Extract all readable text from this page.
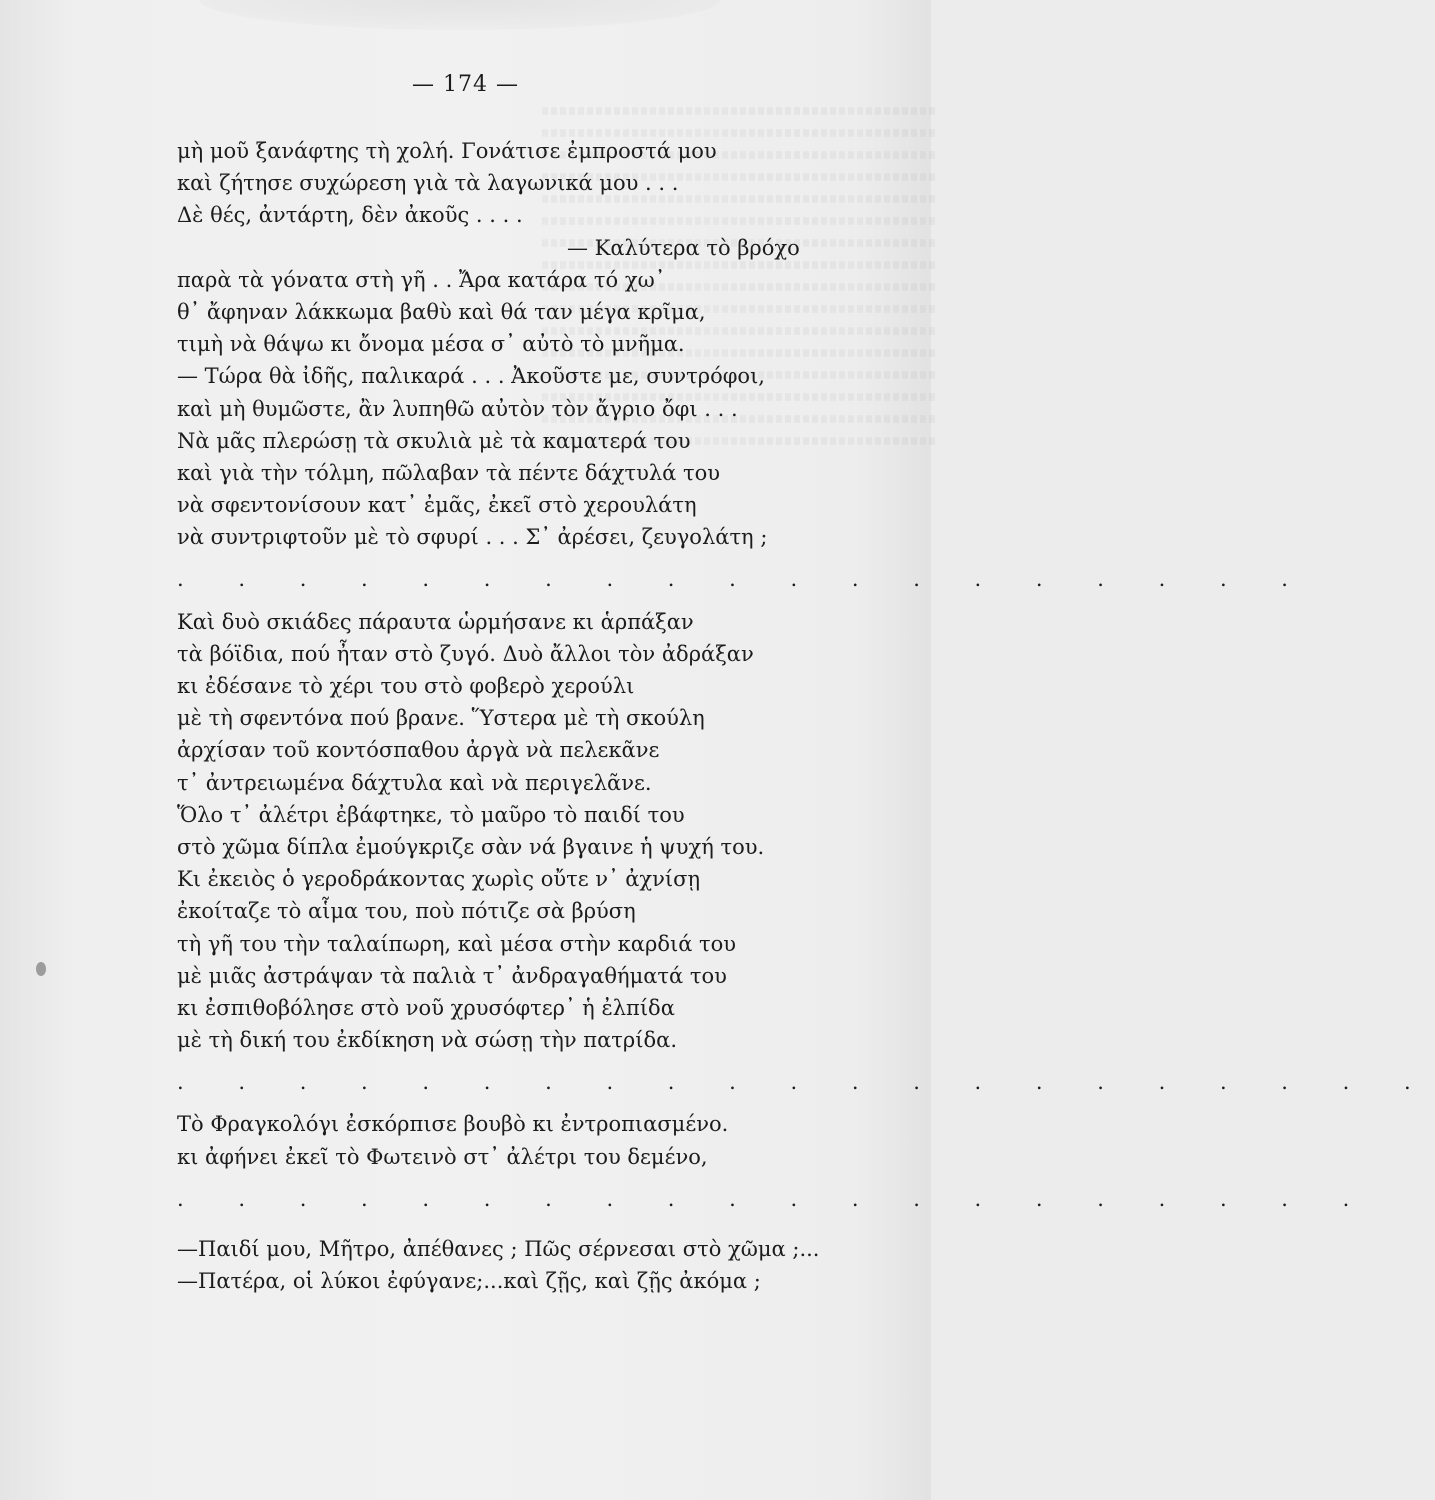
— 174 —
μὴ μοῦ ξανάφτης τὴ χολή. Γονάτισε ἐμπροστά μου
καὶ ζήτησε συχώρεση γιὰ τὰ λαγωνικά μου . . .
Δὲ θές, ἀντάρτη, δὲν ἀκοῦς . . . .
— Καλύτερα τὸ βρόχο
παρὰ τὰ γόνατα στὴ γῆ . . Ἄρα κατάρα τό χω᾽
θ᾽ ἄφηναν λάκκωμα βαθὺ καὶ θά ταν μέγα κρῖμα,
τιμὴ νὰ θάψω κι ὄνομα μέσα σ᾽ αὐτὸ τὸ μνῆμα.
— Τώρα θὰ ἰδῆς, παλικαρά . . . Ἀκοῦστε με, συντρόφοι,
καὶ μὴ θυμῶστε, ἂν λυπηθῶ αὐτὸν τὸν ἄγριο ὄφι . . .
Νὰ μᾶς πλερώσῃ τὰ σκυλιὰ μὲ τὰ καματερά του
καὶ γιὰ τὴν τόλμη, πῶλαβαν τὰ πέντε δάχτυλά του
νὰ σφεντονίσουν κατ᾽ ἐμᾶς, ἐκεῖ στὸ χερουλάτη
νὰ συντριφτοῦν μὲ τὸ σφυρί . . . Σ᾽ ἀρέσει, ζευγολάτη ;
. . . . . . . . . . . . . . . . . . .
Καὶ δυὸ σκιάδες πάραυτα ὡρμήσανε κι ἁρπάξαν
τὰ βόϊδια, πού ἦταν στὸ ζυγό. Δυὸ ἄλλοι τὸν ἀδράξαν
κι ἐδέσανε τὸ χέρι του στὸ φοβερὸ χερούλι
μὲ τὴ σφεντόνα πού βρανε. Ὕστερα μὲ τὴ σκούλη
ἀρχίσαν τοῦ κοντόσπαθου ἀργὰ νὰ πελεκᾶνε
τ᾽ ἀντρειωμένα δάχτυλα καὶ νὰ περιγελᾶνε.
Ὅλο τ᾽ ἀλέτρι ἐβάφτηκε, τὸ μαῦρο τὸ παιδί του
στὸ χῶμα δίπλα ἐμούγκριζε σὰν νά βγαινε ἡ ψυχή του.
Κι ἐκειὸς ὁ γεροδράκοντας χωρὶς οὔτε ν᾽ ἀχνίσῃ
ἐκοίταζε τὸ αἷμα του, ποὺ πότιζε σὰ βρύση
τὴ γῆ του τὴν ταλαίπωρη, καὶ μέσα στὴν καρδιά του
μὲ μιᾶς ἀστράψαν τὰ παλιὰ τ᾽ ἀνδραγαθήματά του
κι ἐσπιθοβόλησε στὸ νοῦ χρυσόφτερ᾽ ἡ ἐλπίδα
μὲ τὴ δική του ἐκδίκηση νὰ σώσῃ τὴν πατρίδα.
. . . . . . . . . . . . . . . . . . . . .
Τὸ Φραγκολόγι ἐσκόρπισε βουβὸ κι ἐντροπιασμένο.
κι ἀφήνει ἐκεῖ τὸ Φωτεινὸ στ᾽ ἀλέτρι του δεμένο,
. . . . . . . . . . . . . . . . . . . .
—Παιδί μου, Μῆτρο, ἀπέθανες ; Πῶς σέρνεσαι στὸ χῶμα ;...
—Πατέρα, οἱ λύκοι ἐφύγανε;...καὶ ζῇς, καὶ ζῇς ἀκόμα ;
